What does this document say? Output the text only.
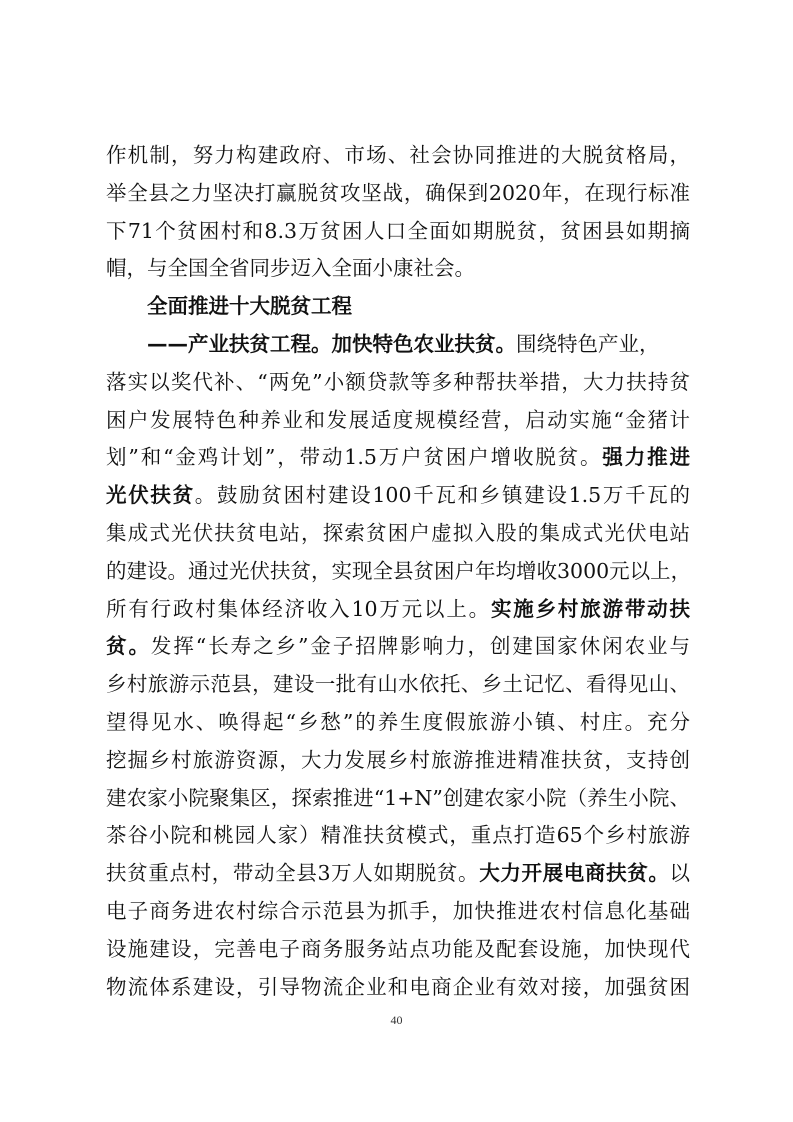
作机制，努力构建政府、市场、社会协同推进的大脱贫格局，
举全县之力坚决打赢脱贫攻坚战，确保到2020年，在现行标准
下71个贫困村和8.3万贫困人口全面如期脱贫，贫困县如期摘
帽，与全国全省同步迈入全面小康社会。
全面推进十大脱贫工程
——产业扶贫工程。加快特色农业扶贫。围绕特色产业，
落实以奖代补、“两免”小额贷款等多种帮扶举措，大力扶持贫
困户发展特色种养业和发展适度规模经营，启动实施“金猪计
划”和“金鸡计划”，带动1.5万户贫困户增收脱贫。强力推进
光伏扶贫。鼓励贫困村建设100千瓦和乡镇建设1.5万千瓦的
集成式光伏扶贫电站，探索贫困户虚拟入股的集成式光伏电站
的建设。通过光伏扶贫，实现全县贫困户年均增收3000元以上，
所有行政村集体经济收入10万元以上。实施乡村旅游带动扶
贫。发挥“长寿之乡”金子招牌影响力，创建国家休闲农业与
乡村旅游示范县，建设一批有山水依托、乡土记忆、看得见山、
望得见水、唤得起“乡愁”的养生度假旅游小镇、村庄。充分
挖掘乡村旅游资源，大力发展乡村旅游推进精准扶贫，支持创
建农家小院聚集区，探索推进“1+N”创建农家小院（养生小院、
茶谷小院和桃园人家）精准扶贫模式，重点打造65个乡村旅游
扶贫重点村，带动全县3万人如期脱贫。大力开展电商扶贫。以
电子商务进农村综合示范县为抓手，加快推进农村信息化基础
设施建设，完善电子商务服务站点功能及配套设施，加快现代
物流体系建设，引导物流企业和电商企业有效对接，加强贫困
40
